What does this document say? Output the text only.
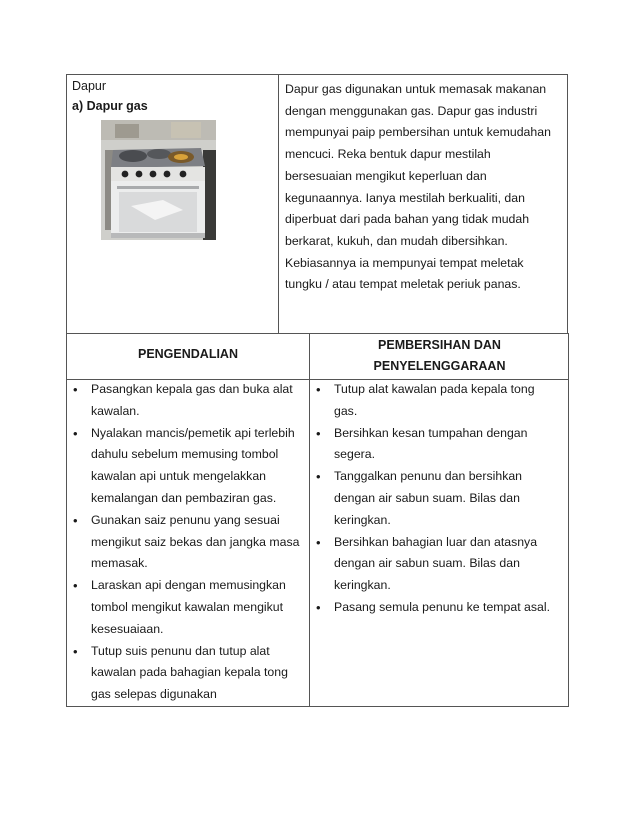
Dapur
a) Dapur gas

Dapur gas digunakan untuk memasak makanan
dengan menggunakan gas. Dapur gas industri
mempunyai paip pembersihan untuk kemudahan
mencuci. Reka bentuk dapur mestilah
bersesuaian mengikut keperluan dan
kegunaannya. Ianya mestilah berkualiti, dan
diperbuat dari pada bahan yang tidak mudah
berkarat, kukuh, dan mudah dibersihkan.
Kebiasannya ia mempunyai tempat meletak
tungku / atau tempat meletak periuk panas.

PENGENDALIAN
PEMBERSIHAN DAN
PENYELENGGARAAN
• Pasangkan kepala gas dan buka alat
kawalan.
• Nyalakan mancis/pemetik api terlebih
dahulu sebelum memusing tombol
kawalan api untuk mengelakkan
kemalangan dan pembaziran gas.
• Gunakan saiz penunu yang sesuai
mengikut saiz bekas dan jangka masa
memasak.
• Laraskan api dengan memusingkan
tombol mengikut kawalan mengikut
kesesuaiaan.
• Tutup suis penunu dan tutup alat
kawalan pada bahagian kepala tong
gas selepas digunakan
• Tutup alat kawalan pada kepala tong
gas.
• Bersihkan kesan tumpahan dengan
segera.
• Tanggalkan penunu dan bersihkan
dengan air sabun suam. Bilas dan
keringkan.
• Bersihkan bahagian luar dan atasnya
dengan air sabun suam. Bilas dan
keringkan.
• Pasang semula penunu ke tempat asal.
